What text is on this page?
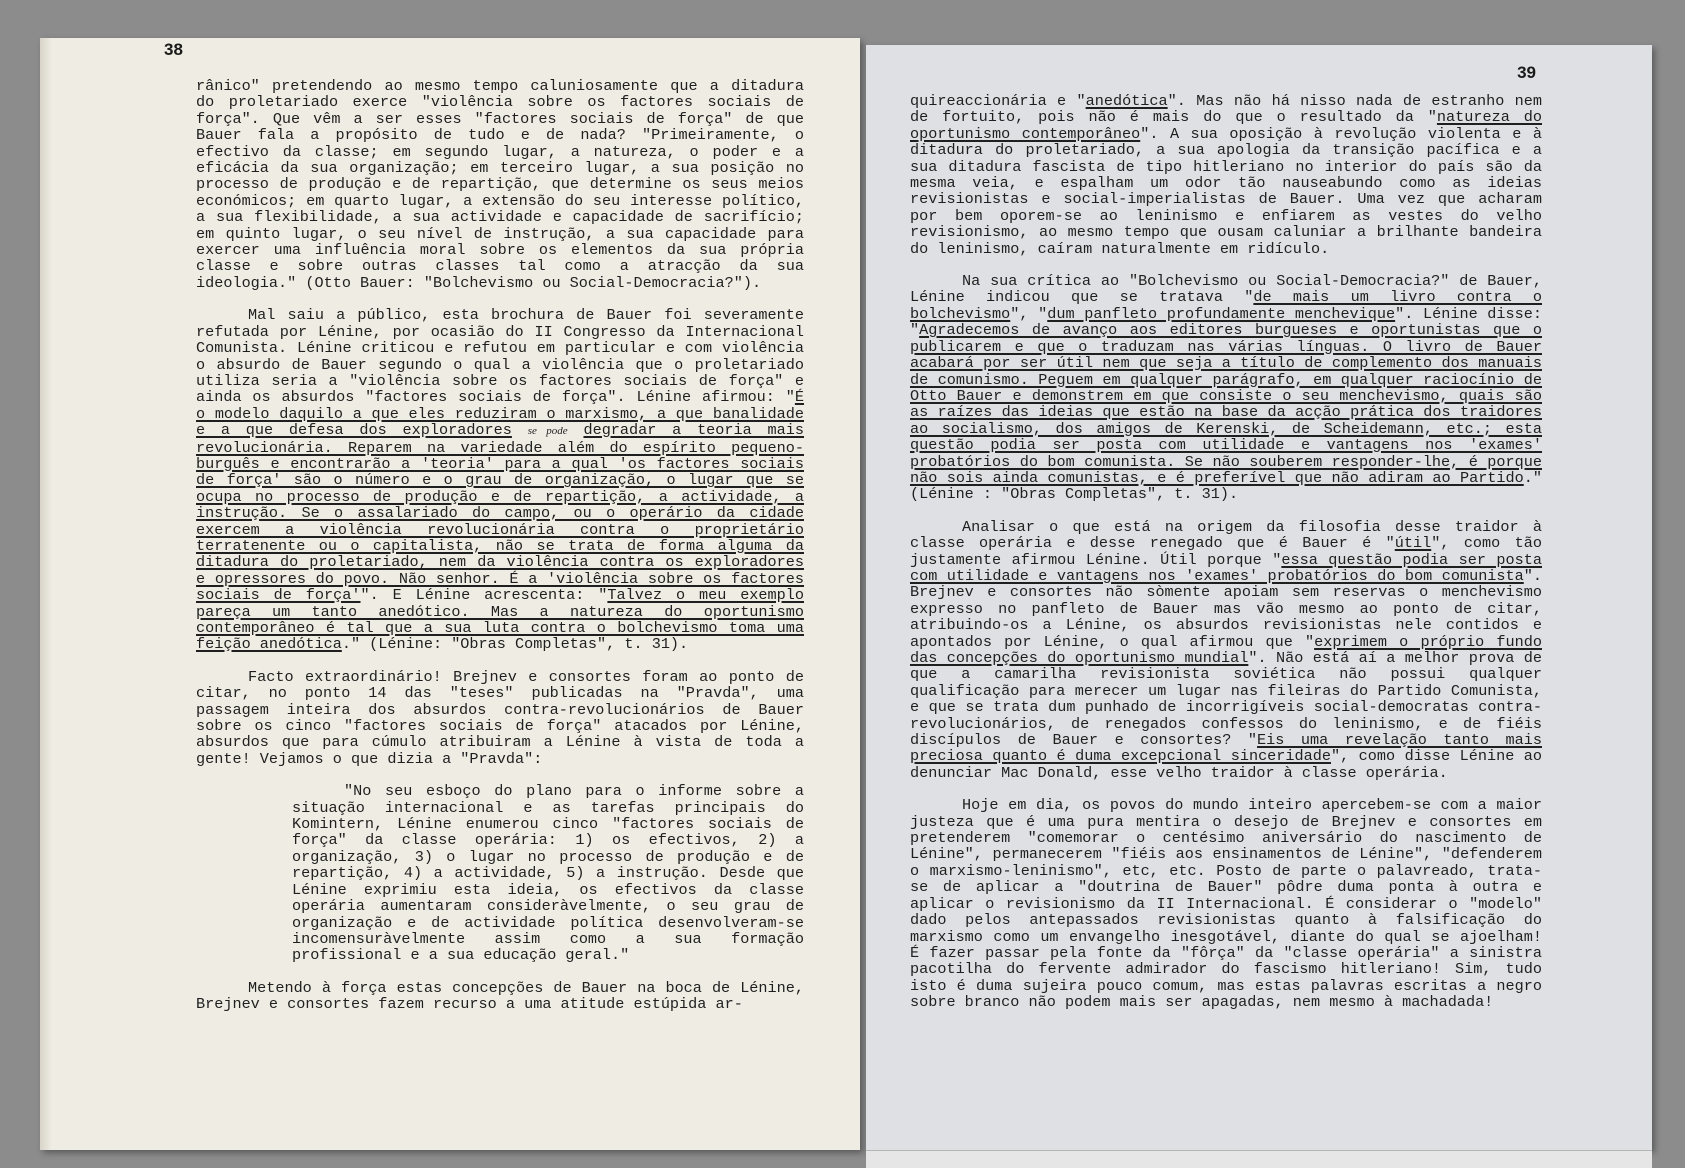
38

rânico" pretendendo ao mesmo tempo caluniosamente que a ditadura do proletariado exerce "violência sobre os factores sociais de força". Que vêm a ser esses "factores sociais de força" de que Bauer fala a propósito de tudo e de nada? "Primeiramente, o efectivo da classe; em segundo lugar, a natureza, o poder e a eficácia da sua organização; em terceiro lugar, a sua posição no processo de produção e de repartição, que determine os seus meios económicos; em quarto lugar, a extensão do seu interesse político, a sua flexibilidade, a sua actividade e capacidade de sacrifício; em quinto lugar, o seu nível de instrução, a sua capacidade para exercer uma influência moral sobre os elementos da sua própria classe e sobre outras classes tal como a atracção da sua ideologia." (Otto Bauer: "Bolchevismo ou Social-Democracia?").

Mal saiu a público, esta brochura de Bauer foi severamente refutada por Lénine, por ocasião do II Congresso da Internacional Comunista. Lénine criticou e refutou em particular e com violência o absurdo de Bauer segundo o qual a violência que o proletariado utiliza seria a "violência sobre os factores sociais de força" e ainda os absurdos "factores sociais de força". Lénine afirmou: "É o modelo daquilo a que eles reduziram o marxismo, a que banalidade e a que defesa dos exploradores se pode degradar a teoria mais revolucionária. Reparem na variedade além do espírito pequeno-burguês e encontrarão a 'teoria' para a qual 'os factores sociais de força' são o número e o grau de organização, o lugar que se ocupa no processo de produção e de repartição, a actividade, a instrução. Se o assalariado do campo, ou o operário da cidade exercem a violência revolucionária contra o proprietário terratenente ou o capitalista, não se trata de forma alguma da ditadura do proletariado, nem da violência contra os exploradores e opressores do povo. Não senhor. É a 'violência sobre os factores sociais de força'". E Lénine acrescenta: "Talvez o meu exemplo pareça um tanto anedótico. Mas a natureza do oportunismo contemporâneo é tal que a sua luta contra o bolchevismo toma uma feição anedótica." (Lénine: "Obras Completas", t. 31).

Facto extraordinário! Brejnev e consortes foram ao ponto de citar, no ponto 14 das "teses" publicadas na "Pravda", uma passagem inteira dos absurdos contra-revolucionários de Bauer sobre os cinco "factores sociais de força" atacados por Lénine, absurdos que para cúmulo atribuiram a Lénine à vista de toda a gente! Vejamos o que dizia a "Pravda":

"No seu esboço do plano para o informe sobre a situação internacional e as tarefas principais do Komintern, Lénine enumerou cinco "factores sociais de força" da classe operária: 1) os efectivos, 2) a organização, 3) o lugar no processo de produção e de repartição, 4) a actividade, 5) a instrução. Desde que Lénine exprimiu esta ideia, os efectivos da classe operária aumentaram consideràvelmente, o seu grau de organização e de actividade política desenvolveram-se incomensuràvelmente assim como a sua formação profissional e a sua educação geral."

Metendo à força estas concepções de Bauer na boca de Lénine, Brejnev e consortes fazem recurso a uma atitude estúpida ar-

39

quireaccionária e "anedótica". Mas não há nisso nada de estranho nem de fortuito, pois não é mais do que o resultado da "natureza do oportunismo contemporâneo". A sua oposição à revolução violenta e à ditadura do proletariado, a sua apologia da transição pacífica e a sua ditadura fascista de tipo hitleriano no interior do país são da mesma veia, e espalham um odor tão nauseabundo como as ideias revisionistas e social-imperialistas de Bauer. Uma vez que acharam por bem oporem-se ao leninismo e enfiarem as vestes do velho revisionismo, ao mesmo tempo que ousam caluniar a brilhante bandeira do leninismo, caíram naturalmente em ridículo.

Na sua crítica ao "Bolchevismo ou Social-Democracia?" de Bauer, Lénine indicou que se tratava "de mais um livro contra o bolchevismo", "dum panfleto profundamente menchevique". Lénine disse: "Agradecemos de avanço aos editores burgueses e oportunistas que o publicarem e que o traduzam nas várias línguas. O livro de Bauer acabará por ser útil nem que seja a título de complemento dos manuais de comunismo. Peguem em qualquer parágrafo, em qualquer raciocínio de Otto Bauer e demonstrem em que consiste o seu menchevismo, quais são as raízes das ideias que estão na base da acção prática dos traidores ao socialismo, dos amigos de Kerenski, de Scheidemann, etc.; esta questão podia ser posta com utilidade e vantagens nos 'exames' probatórios do bom comunista. Se não souberem responder-lhe, é porque não sois ainda comunistas, e é preferível que não adiram ao Partido." (Lénine : "Obras Completas", t. 31).

Analisar o que está na origem da filosofia desse traidor à classe operária e desse renegado que é Bauer é "útil", como tão justamente afirmou Lénine. Útil porque "essa questão podia ser posta com utilidade e vantagens nos 'exames' probatórios do bom comunista". Brejnev e consortes não sòmente apoiam sem reservas o menchevismo expresso no panfleto de Bauer mas vão mesmo ao ponto de citar, atribuindo-os a Lénine, os absurdos revisionistas nele contidos e apontados por Lénine, o qual afirmou que "exprimem o próprio fundo das concepções do oportunismo mundial". Não está aí a melhor prova de que a camarilha revisionista soviética não possui qualquer qualificação para merecer um lugar nas fileiras do Partido Comunista, e que se trata dum punhado de incorrigíveis social-democratas contra-revolucionários, de renegados confessos do leninismo, e de fiéis discípulos de Bauer e consortes? "Eis uma revelação tanto mais preciosa quanto é duma excepcional sinceridade", como disse Lénine ao denunciar Mac Donald, esse velho traidor à classe operária.

Hoje em dia, os povos do mundo inteiro apercebem-se com a maior justeza que é uma pura mentira o desejo de Brejnev e consortes em pretenderem "comemorar o centésimo aniversário do nascimento de Lénine", permanecerem "fiéis aos ensinamentos de Lénine", "defenderem o marxismo-leninismo", etc, etc. Posto de parte o palavreado, trata-se de aplicar a "doutrina de Bauer" pôdre duma ponta à outra e aplicar o revisionismo da II Internacional. É considerar o "modelo" dado pelos antepassados revisionistas quanto à falsificação do marxismo como um envangelho inesgotável, diante do qual se ajoelham! É fazer passar pela fonte da "fôrça" da "classe operária" a sinistra pacotilha do fervente admirador do fascismo hitleriano! Sim, tudo isto é duma sujeira pouco comum, mas estas palavras escritas a negro sobre branco não podem mais ser apagadas, nem mesmo à machadada!
